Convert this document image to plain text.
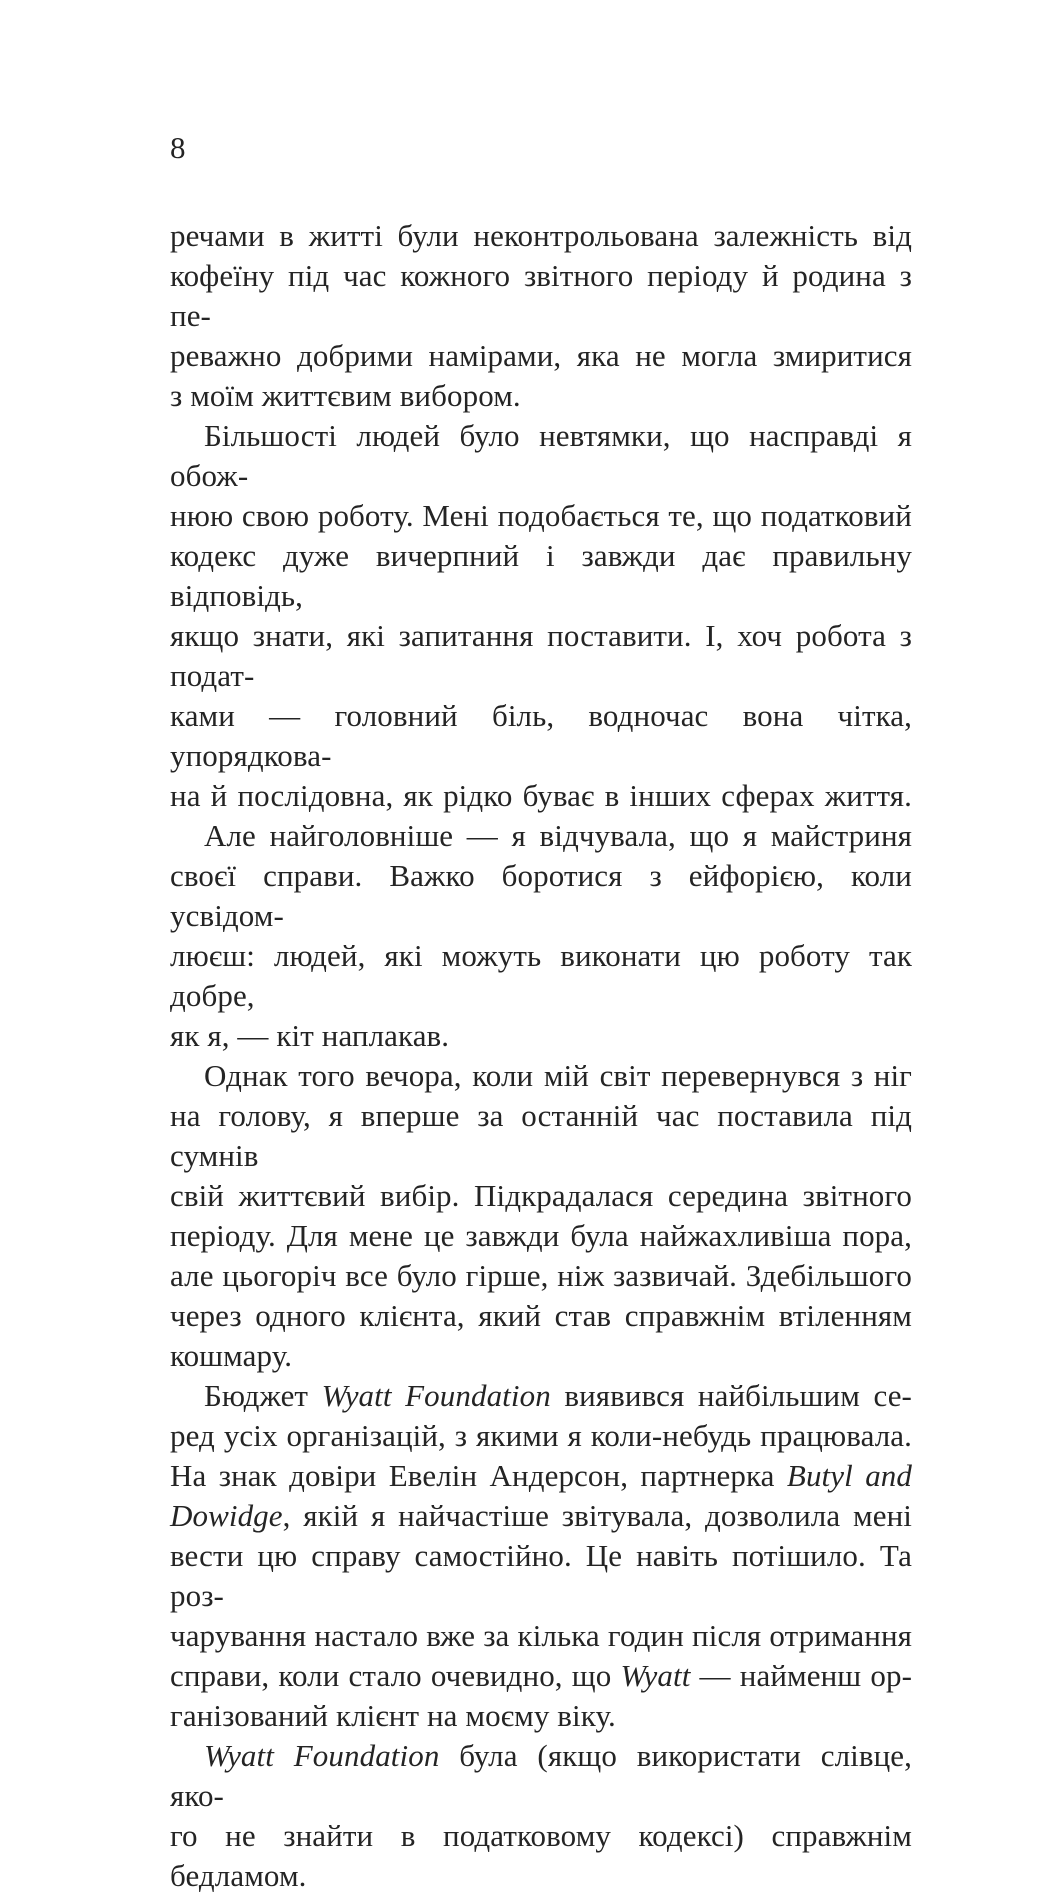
8
речами в житті були неконтрольована залежність від
кофеїну під час кожного звітного періоду й родина з пе-
реважно добрими намірами, яка не могла змиритися
з моїм життєвим вибором.
Більшості людей було невтямки, що насправді я обож-
нюю свою роботу. Мені подобається те, що податковий
кодекс дуже вичерпний і завжди дає правильну відповідь,
якщо знати, які запитання поставити. І, хоч робота з подат-
ками — головний біль, водночас вона чітка, упорядкова-
на й послідовна, як рідко буває в інших сферах життя.
Але найголовніше — я відчувала, що я майстриня
своєї справи. Важко боротися з ейфорією, коли усвідом-
люєш: людей, які можуть виконати цю роботу так добре,
як я, — кіт наплакав.
Однак того вечора, коли мій світ перевернувся з ніг
на голову, я вперше за останній час поставила під сумнів
свій життєвий вибір. Підкрадалася середина звітного
періоду. Для мене це завжди була найжахливіша пора,
але цьогоріч все було гірше, ніж зазвичай. Здебільшого
через одного клієнта, який став справжнім втіленням
кошмару.
Бюджет Wyatt Foundation виявився найбільшим се-
ред усіх організацій, з якими я коли-небудь працювала.
На знак довіри Евелін Андерсон, партнерка Butyl and
Dowidge, якій я найчастіше звітувала, дозволила мені
вести цю справу самостійно. Це навіть потішило. Та роз-
чарування настало вже за кілька годин після отримання
справи, коли стало очевидно, що Wyatt — найменш ор-
ганізований клієнт на моєму віку.
Wyatt Foundation була (якщо використати слівце, яко-
го не знайти в податковому кодексі) справжнім бедламом.
